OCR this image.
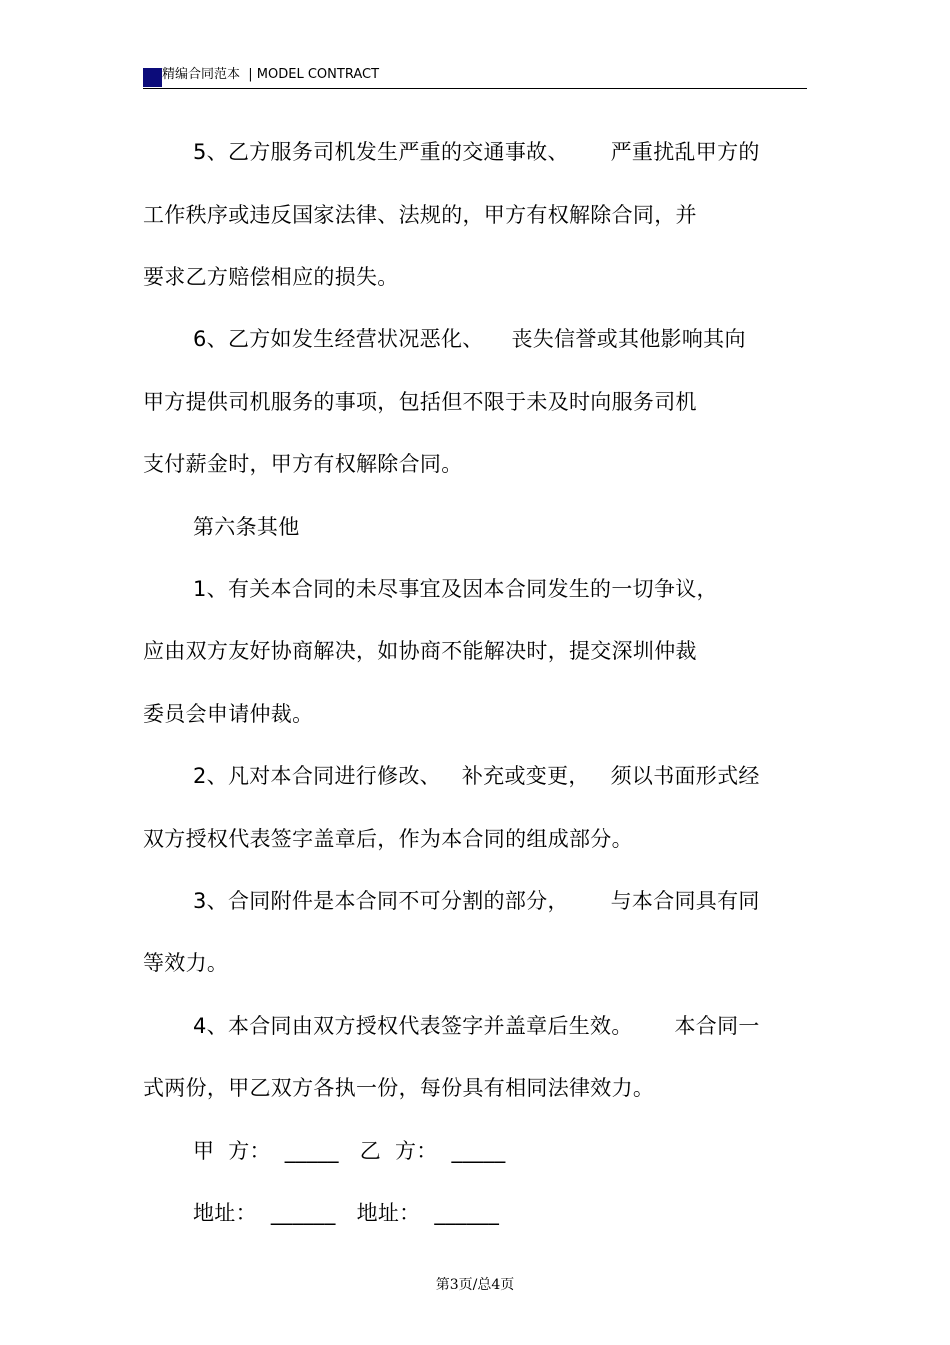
精编合同范本  | MODEL CONTRACT
5、乙方服务司机发生严重的交通事故、      严重扰乱甲方的
工作秩序或违反国家法律、法规的，甲方有权解除合同，并
要求乙方赔偿相应的损失。
6、乙方如发生经营状况恶化、    丧失信誉或其他影响其向
甲方提供司机服务的事项，包括但不限于未及时向服务司机
支付薪金时，甲方有权解除合同。
第六条其他
1、有关本合同的未尽事宜及因本合同发生的一切争议，
应由双方友好协商解决，如协商不能解决时，提交深圳仲裁
委员会申请仲裁。
2、凡对本合同进行修改、   补充或变更，   须以书面形式经
双方授权代表签字盖章后，作为本合同的组成部分。
3、合同附件是本合同不可分割的部分，      与本合同具有同
等效力。
4、本合同由双方授权代表签字并盖章后生效。      本合同一
式两份，甲乙双方各执一份，每份具有相同法律效力。
甲  方：  _____   乙  方：  _____
地址：  ______   地址：  ______
第3页/总4页
